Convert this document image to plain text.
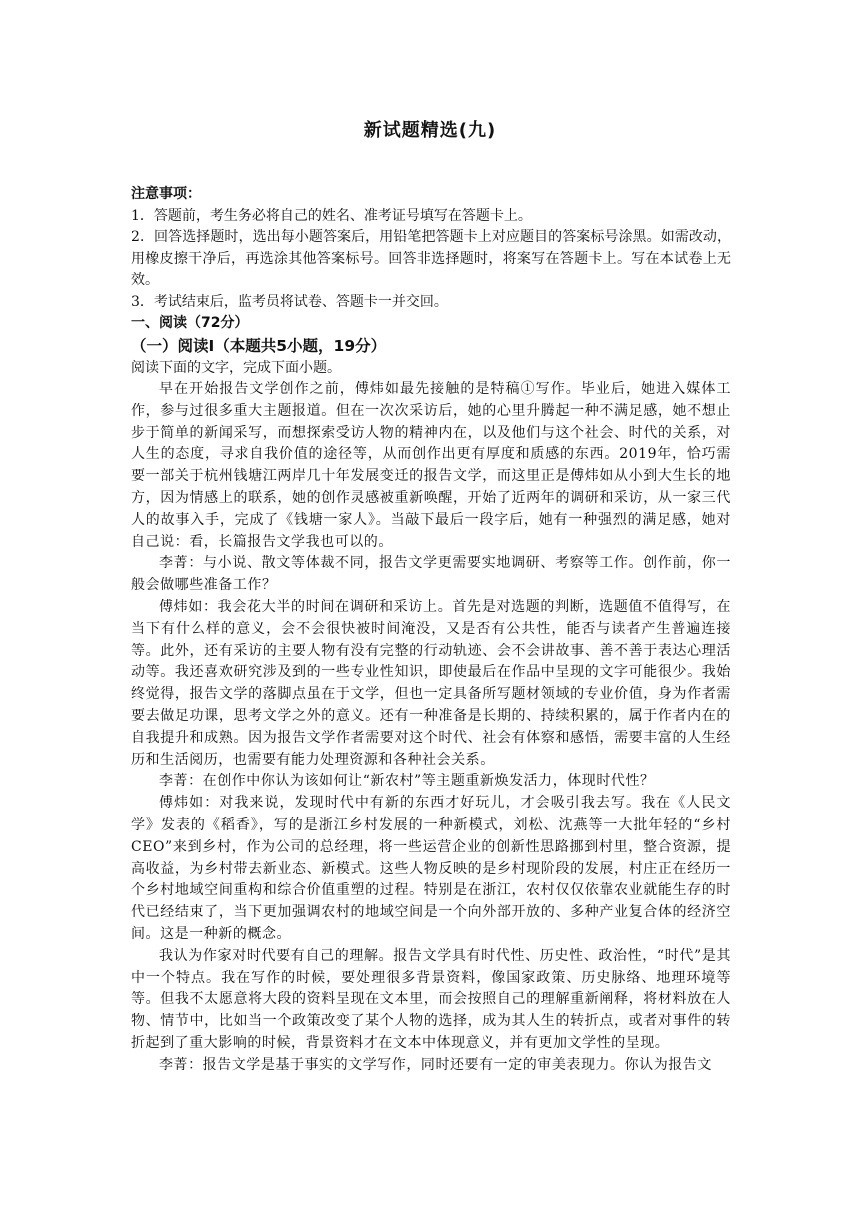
新试题精选(九)

注意事项：

1．答题前，考生务必将自己的姓名、准考证号填写在答题卡上。

2．回答选择题时，选出每小题答案后，用铅笔把答题卡上对应题目的答案标号涂黑。如需改动，用橡皮擦干净后，再选涂其他答案标号。回答非选择题时，将案写在答题卡上。写在本试卷上无效。

3．考试结束后，监考员将试卷、答题卡一并交回。

一、阅读（72分）

（一）阅读Ⅰ（本题共5小题，19分）

阅读下面的文字，完成下面小题。

早在开始报告文学创作之前，傅炜如最先接触的是特稿①写作。毕业后，她进入媒体工作，参与过很多重大主题报道。但在一次次采访后，她的心里升腾起一种不满足感，她不想止步于简单的新闻采写，而想探索受访人物的精神内在，以及他们与这个社会、时代的关系，对人生的态度，寻求自我价值的途径等，从而创作出更有厚度和质感的东西。2019年，恰巧需要一部关于杭州钱塘江两岸几十年发展变迁的报告文学，而这里正是傅炜如从小到大生长的地方，因为情感上的联系，她的创作灵感被重新唤醒，开始了近两年的调研和采访，从一家三代人的故事入手，完成了《钱塘一家人》。当敲下最后一段字后，她有一种强烈的满足感，她对自己说：看，长篇报告文学我也可以的。

李菁：与小说、散文等体裁不同，报告文学更需要实地调研、考察等工作。创作前，你一般会做哪些准备工作？

傅炜如：我会花大半的时间在调研和采访上。首先是对选题的判断，选题值不值得写，在当下有什么样的意义，会不会很快被时间淹没，又是否有公共性，能否与读者产生普遍连接等。此外，还有采访的主要人物有没有完整的行动轨迹、会不会讲故事、善不善于表达心理活动等。我还喜欢研究涉及到的一些专业性知识，即使最后在作品中呈现的文字可能很少。我始终觉得，报告文学的落脚点虽在于文学，但也一定具备所写题材领域的专业价值，身为作者需要去做足功课，思考文学之外的意义。还有一种准备是长期的、持续积累的，属于作者内在的自我提升和成熟。因为报告文学作者需要对这个时代、社会有体察和感悟，需要丰富的人生经历和生活阅历，也需要有能力处理资源和各种社会关系。

李菁：在创作中你认为该如何让“新农村”等主题重新焕发活力，体现时代性？

傅炜如：对我来说，发现时代中有新的东西才好玩儿，才会吸引我去写。我在《人民文学》发表的《稻香》，写的是浙江乡村发展的一种新模式，刘松、沈燕等一大批年轻的“乡村CEO”来到乡村，作为公司的总经理，将一些运营企业的创新性思路挪到村里，整合资源，提高收益，为乡村带去新业态、新模式。这些人物反映的是乡村现阶段的发展，村庄正在经历一个乡村地域空间重构和综合价值重塑的过程。特别是在浙江，农村仅仅依靠农业就能生存的时代已经结束了，当下更加强调农村的地域空间是一个向外部开放的、多种产业复合体的经济空间。这是一种新的概念。

我认为作家对时代要有自己的理解。报告文学具有时代性、历史性、政治性，“时代”是其中一个特点。我在写作的时候，要处理很多背景资料，像国家政策、历史脉络、地理环境等等。但我不太愿意将大段的资料呈现在文本里，而会按照自己的理解重新阐释，将材料放在人物、情节中，比如当一个政策改变了某个人物的选择，成为其人生的转折点，或者对事件的转折起到了重大影响的时候，背景资料才在文本中体现意义，并有更加文学性的呈现。

李菁：报告文学是基于事实的文学写作，同时还要有一定的审美表现力。你认为报告文
